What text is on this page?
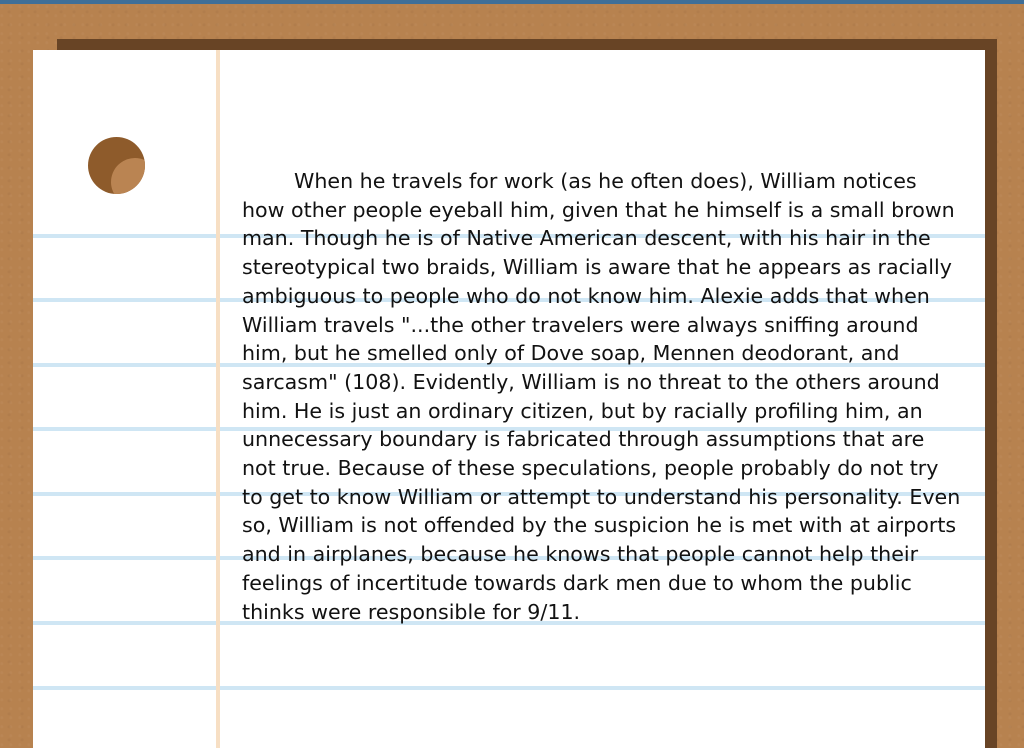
When he travels for work (as he often does), William notices how other people eyeball him, given that he himself is a small brown man. Though he is of Native American descent, with his hair in the stereotypical two braids, William is aware that he appears as racially ambiguous to people who do not know him. Alexie adds that when William travels "...the other travelers were always sniffing around him, but he smelled only of Dove soap, Mennen deodorant, and sarcasm" (108). Evidently, William is no threat to the others around him. He is just an ordinary citizen, but by racially profiling him, an unnecessary boundary is fabricated through assumptions that are not true. Because of these speculations, people probably do not try to get to know William or attempt to understand his personality. Even so, William is not offended by the suspicion he is met with at airports and in airplanes, because he knows that people cannot help their feelings of incertitude towards dark men due to whom the public thinks were responsible for 9/11.
